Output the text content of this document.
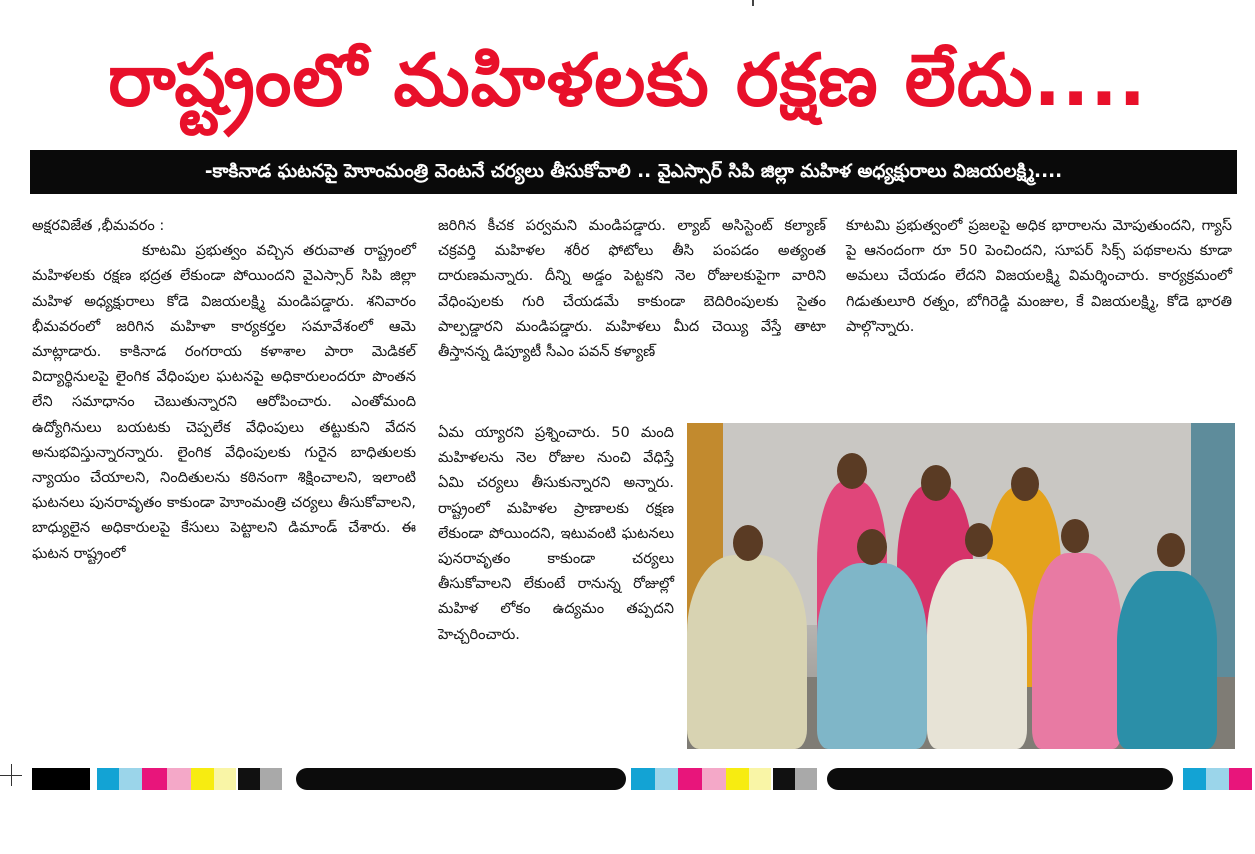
రాష్ట్రంలో మహిళలకు రక్షణ లేదు....
-కాకినాడ ఘటనపై హెూంమంత్రి వెంటనే చర్యలు తీసుకోవాలి .. వైఎస్సార్ సిపి జిల్లా మహిళ అధ్యక్షురాలు విజయలక్ష్మి....

అక్షరవిజేత ,భీమవరం :
కూటమి ప్రభుత్వం వచ్చిన తరువాత రాష్ట్రంలో మహిళలకు రక్షణ భద్రత లేకుండా పోయిందని వైఎస్సార్ సిపి జిల్లా మహిళ అధ్యక్షురాలు కోడె విజయలక్ష్మి మండిపడ్డారు. శనివారం భీమవరంలో జరిగిన మహిళా కార్యకర్తల సమావేశంలో ఆమె మాట్లాడారు. కాకినాడ రంగరాయ కళాశాల పారా మెడికల్ విద్యార్థినులపై లైంగిక వేధింపుల ఘటనపై అధికారులందరూ పొంతన లేని సమాధానం చెబుతున్నారని ఆరోపించారు. ఎంతోమంది ఉద్యోగినులు బయటకు చెప్పలేక వేధింపులు తట్టుకుని వేదన అనుభవిస్తున్నారన్నారు. లైంగిక వేధింపులకు గురైన బాధితులకు న్యాయం చేయాలని, నిందితులను కఠినంగా శిక్షించాలని, ఇలాంటి ఘటనలు పునరావృతం కాకుండా హెూంమంత్రి చర్యలు తీసుకోవాలని, బాధ్యులైన అధికారులపై కేసులు పెట్టాలని డిమాండ్ చేశారు. ఈ ఘటన రాష్ట్రంలో

జరిగిన కీచక పర్వమని మండిపడ్డారు. ల్యాబ్ అసిస్టెంట్ కల్యాణ్ చక్రవర్తి మహిళల శరీర ఫోటోలు తీసి పంపడం అత్యంత దారుణమన్నారు. దీన్ని అడ్డం పెట్టకని నెల రోజులకుపైగా వారిని వేధింపులకు గురి చేయడమే కాకుండా బెదిరింపులకు సైతం పాల్పడ్డారని మండిపడ్డారు. మహిళలు మీద చెయ్యి వేస్తే తాటా తీస్తానన్న డిప్యూటీ సీఎం పవన్ కళ్యాణ్

ఏమ య్యారని ప్రశ్నించారు. 50 మంది మహిళలను నెల రోజుల నుంచి వేధిస్తే ఏమి చర్యలు తీసుకున్నారని అన్నారు. రాష్ట్రంలో మహిళల ప్రాణాలకు రక్షణ లేకుండా పోయిందని, ఇటువంటి ఘటనలు పునరావృతం కాకుండా చర్యలు తీసుకోవాలని లేకుంటే రానున్న రోజుల్లో మహిళ లోకం ఉద్యమం తప్పదని హెచ్చరించారు.

కూటమి ప్రభుత్వంలో ప్రజలపై అధిక భారాలను మోపుతుందని, గ్యాస్ పై ఆనందంగా రూ 50 పెంచిందని, సూపర్ సిక్స్ పథకాలను కూడా అమలు చేయడం లేదని విజయలక్ష్మి విమర్శించారు. కార్యక్రమంలో గిడుతులూరి రత్నం, బోగిరెడ్డి మంజుల, కే విజయలక్ష్మి, కోడె భారతి పాల్గొన్నారు.
